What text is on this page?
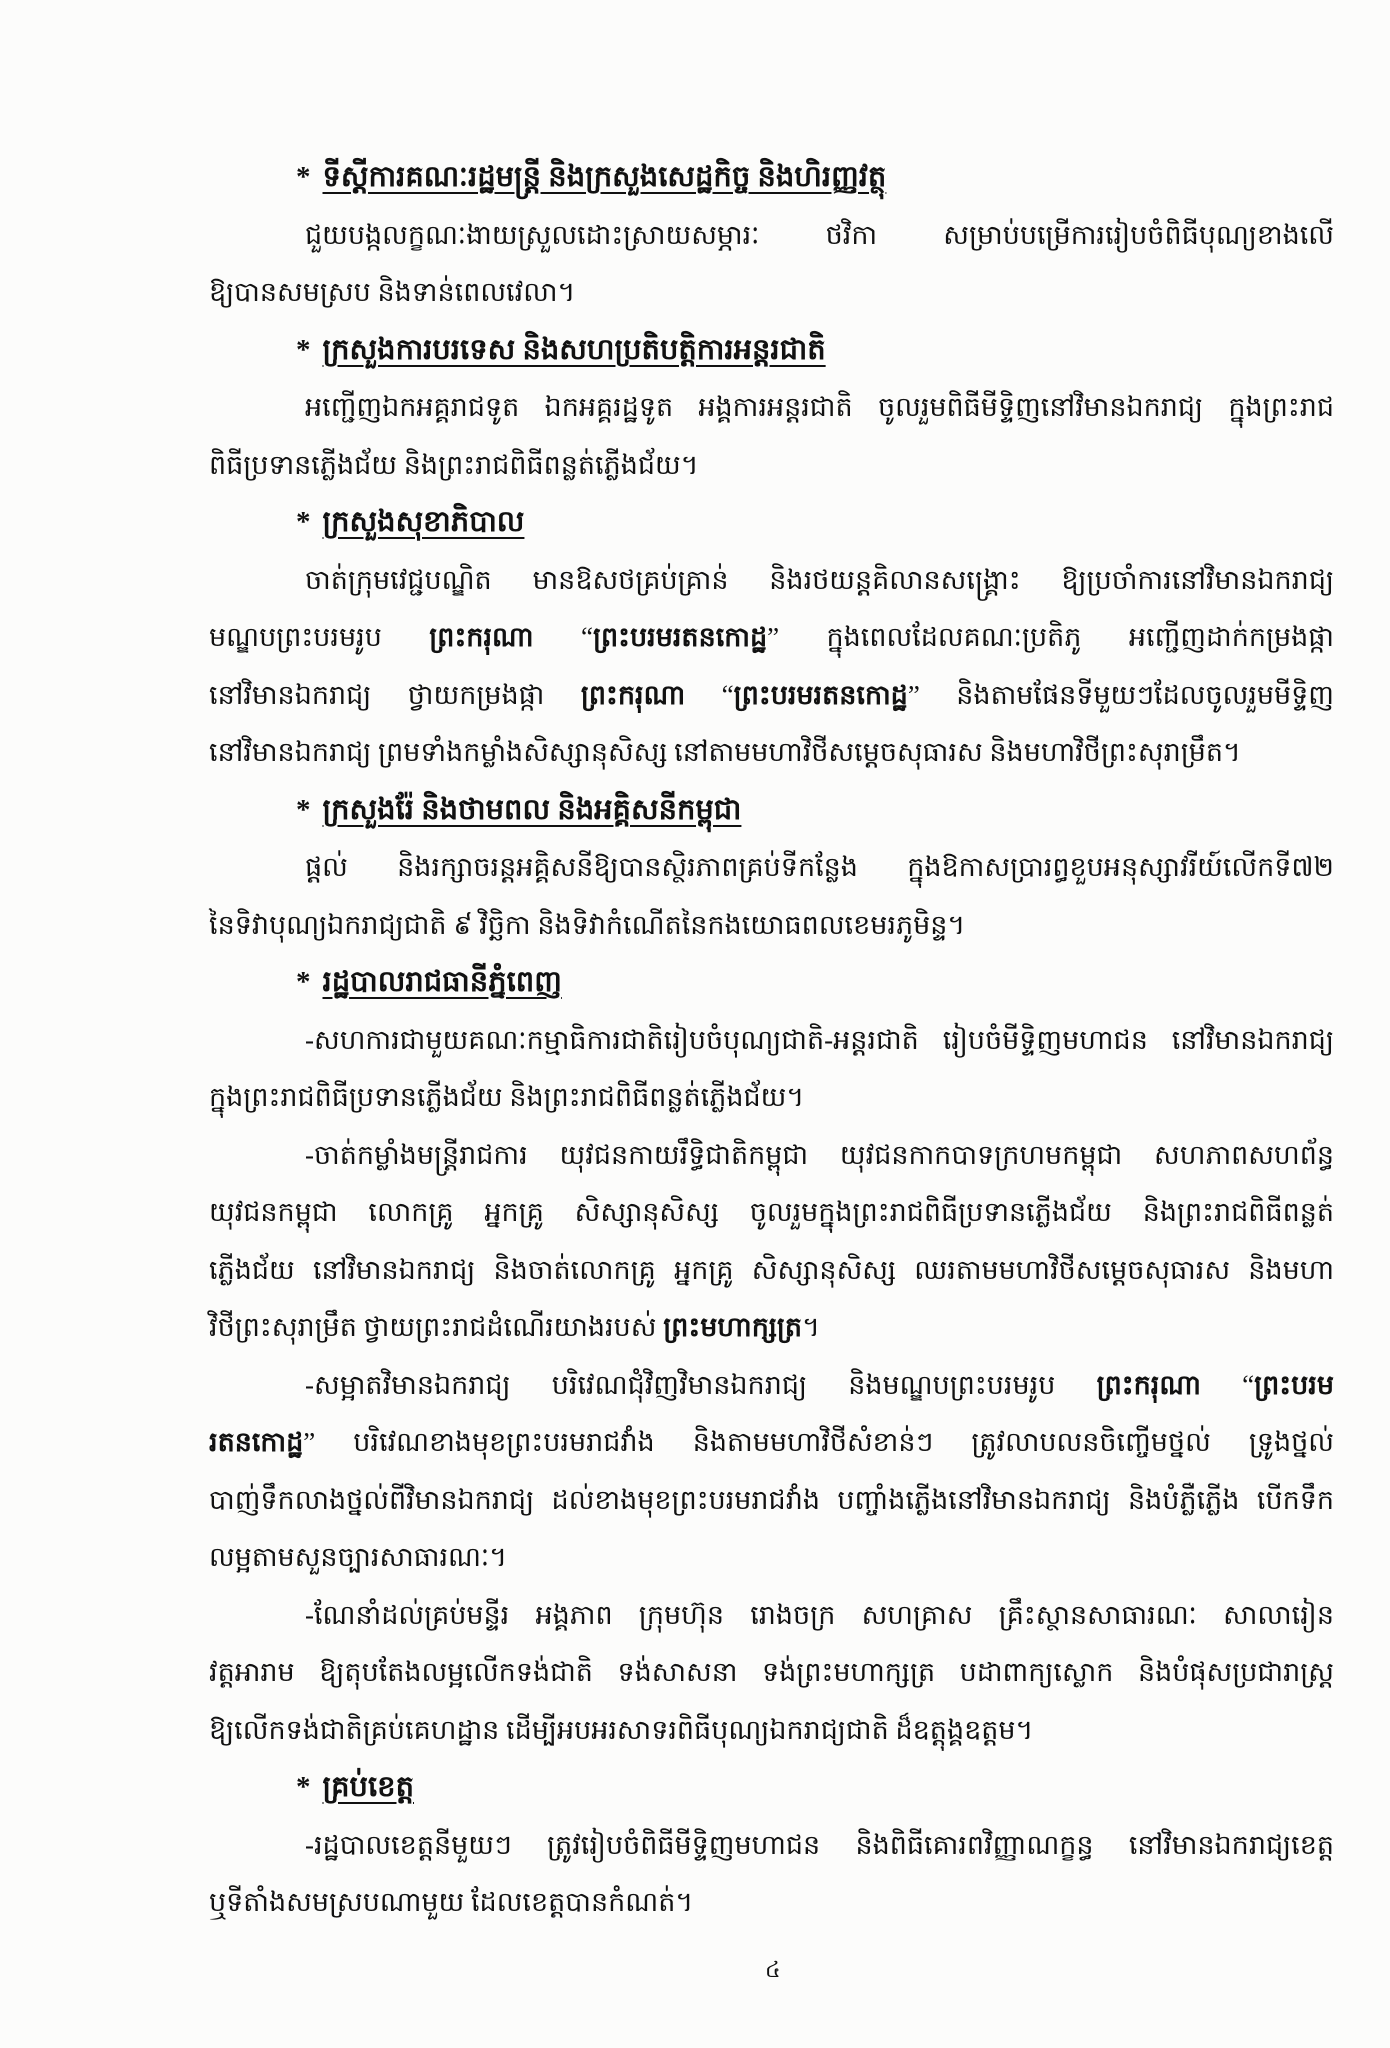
* ទីស្តីការគណៈរដ្ឋមន្ត្រី និងក្រសួងសេដ្ឋកិច្ច និងហិរញ្ញវត្ថុ
ជួយបង្កលក្ខណៈងាយស្រួលដោះស្រាយសម្ភារៈ ថវិកា សម្រាប់បម្រើការរៀបចំពិធីបុណ្យខាងលើ
ឱ្យបានសមស្រប និងទាន់ពេលវេលា។
* ក្រសួងការបរទេស និងសហប្រតិបត្តិការអន្តរជាតិ
អញ្ជើញឯកអគ្គរាជទូត ឯកអគ្គរដ្ឋទូត អង្គការអន្តរជាតិ ចូលរួមពិធីមីទ្ទិញនៅវិមានឯករាជ្យ ក្នុងព្រះរាជ
ពិធីប្រទានភ្លើងជ័យ និងព្រះរាជពិធីពន្លត់ភ្លើងជ័យ។
* ក្រសួងសុខាភិបាល
ចាត់ក្រុមវេជ្ជបណ្ឌិត មានឱសថគ្រប់គ្រាន់ និងរថយន្តគិលានសង្គ្រោះ ឱ្យប្រចាំការនៅវិមានឯករាជ្យ
មណ្ឌបព្រះបរមរូប ព្រះករុណា “ព្រះបរមរតនកោដ្ឋ” ក្នុងពេលដែលគណៈប្រតិភូ អញ្ជើញដាក់កម្រងផ្កា
នៅវិមានឯករាជ្យ ថ្វាយកម្រងផ្កា ព្រះករុណា “ព្រះបរមរតនកោដ្ឋ” និងតាមផែនទីមួយៗដែលចូលរួមមីទ្ទិញ
នៅវិមានឯករាជ្យ ព្រមទាំងកម្លាំងសិស្សានុសិស្ស នៅតាមមហាវិថីសម្តេចសុធារស និងមហាវិថីព្រះសុរាម្រឹត។
* ក្រសួងរ៉ែ និងថាមពល និងអគ្គិសនីកម្ពុជា
ផ្តល់ និងរក្សាចរន្តអគ្គិសនីឱ្យបានស្ថិរភាពគ្រប់ទីកន្លែង ក្នុងឱកាសប្រារព្ធខួបអនុស្សាវរីយ៍លើកទី៧២
នៃទិវាបុណ្យឯករាជ្យជាតិ ៩ វិច្ឆិកា និងទិវាកំណើតនៃកងយោធពលខេមរភូមិន្ទ។
* រដ្ឋបាលរាជធានីភ្នំពេញ
-សហការជាមួយគណៈកម្មាធិការជាតិរៀបចំបុណ្យជាតិ-អន្តរជាតិ រៀបចំមីទ្ទិញមហាជន នៅវិមានឯករាជ្យ
ក្នុងព្រះរាជពិធីប្រទានភ្លើងជ័យ និងព្រះរាជពិធីពន្លត់ភ្លើងជ័យ។
-ចាត់កម្លាំងមន្ត្រីរាជការ យុវជនកាយរឹទ្ធិជាតិកម្ពុជា យុវជនកាកបាទក្រហមកម្ពុជា សហភាពសហព័ន្ធ
យុវជនកម្ពុជា លោកគ្រូ អ្នកគ្រូ សិស្សានុសិស្ស ចូលរួមក្នុងព្រះរាជពិធីប្រទានភ្លើងជ័យ និងព្រះរាជពិធីពន្លត់
ភ្លើងជ័យ នៅវិមានឯករាជ្យ និងចាត់លោកគ្រូ អ្នកគ្រូ សិស្សានុសិស្ស ឈរតាមមហាវិថីសម្តេចសុធារស និងមហា
វិថីព្រះសុរាម្រឹត ថ្វាយព្រះរាជដំណើរយាងរបស់ ព្រះមហាក្សត្រ។
-សម្អាតវិមានឯករាជ្យ បរិវេណជុំវិញវិមានឯករាជ្យ និងមណ្ឌបព្រះបរមរូប ព្រះករុណា “ព្រះបរម
រតនកោដ្ឋ” បរិវេណខាងមុខព្រះបរមរាជវាំង និងតាមមហាវិថីសំខាន់ៗ ត្រូវលាបលនចិញ្ចើមថ្នល់ ទ្រូងថ្នល់
បាញ់ទឹកលាងថ្នល់ពីវិមានឯករាជ្យ ដល់ខាងមុខព្រះបរមរាជវាំង បញ្ចាំងភ្លើងនៅវិមានឯករាជ្យ និងបំភ្លឺភ្លើង បើកទឹក
លម្អតាមសួនច្បារសាធារណៈ។
-ណែនាំដល់គ្រប់មន្ទីរ អង្គភាព ក្រុមហ៊ុន រោងចក្រ សហគ្រាស គ្រឹះស្ថានសាធារណៈ សាលារៀន
វត្តអារាម ឱ្យតុបតែងលម្អលើកទង់ជាតិ ទង់សាសនា ទង់ព្រះមហាក្សត្រ បដាពាក្យស្លោក និងបំផុសប្រជារាស្ត្រ
ឱ្យលើកទង់ជាតិគ្រប់គេហដ្ឋាន ដើម្បីអបអរសាទរពិធីបុណ្យឯករាជ្យជាតិ ដ៏ឧត្តុង្គឧត្តម។
* គ្រប់ខេត្ត
-រដ្ឋបាលខេត្តនីមួយៗ ត្រូវរៀបចំពិធីមីទ្ទិញមហាជន និងពិធីគោរពវិញ្ញាណក្ខន្ធ នៅវិមានឯករាជ្យខេត្ត
ឬទីតាំងសមស្របណាមួយ ដែលខេត្តបានកំណត់។
៤
